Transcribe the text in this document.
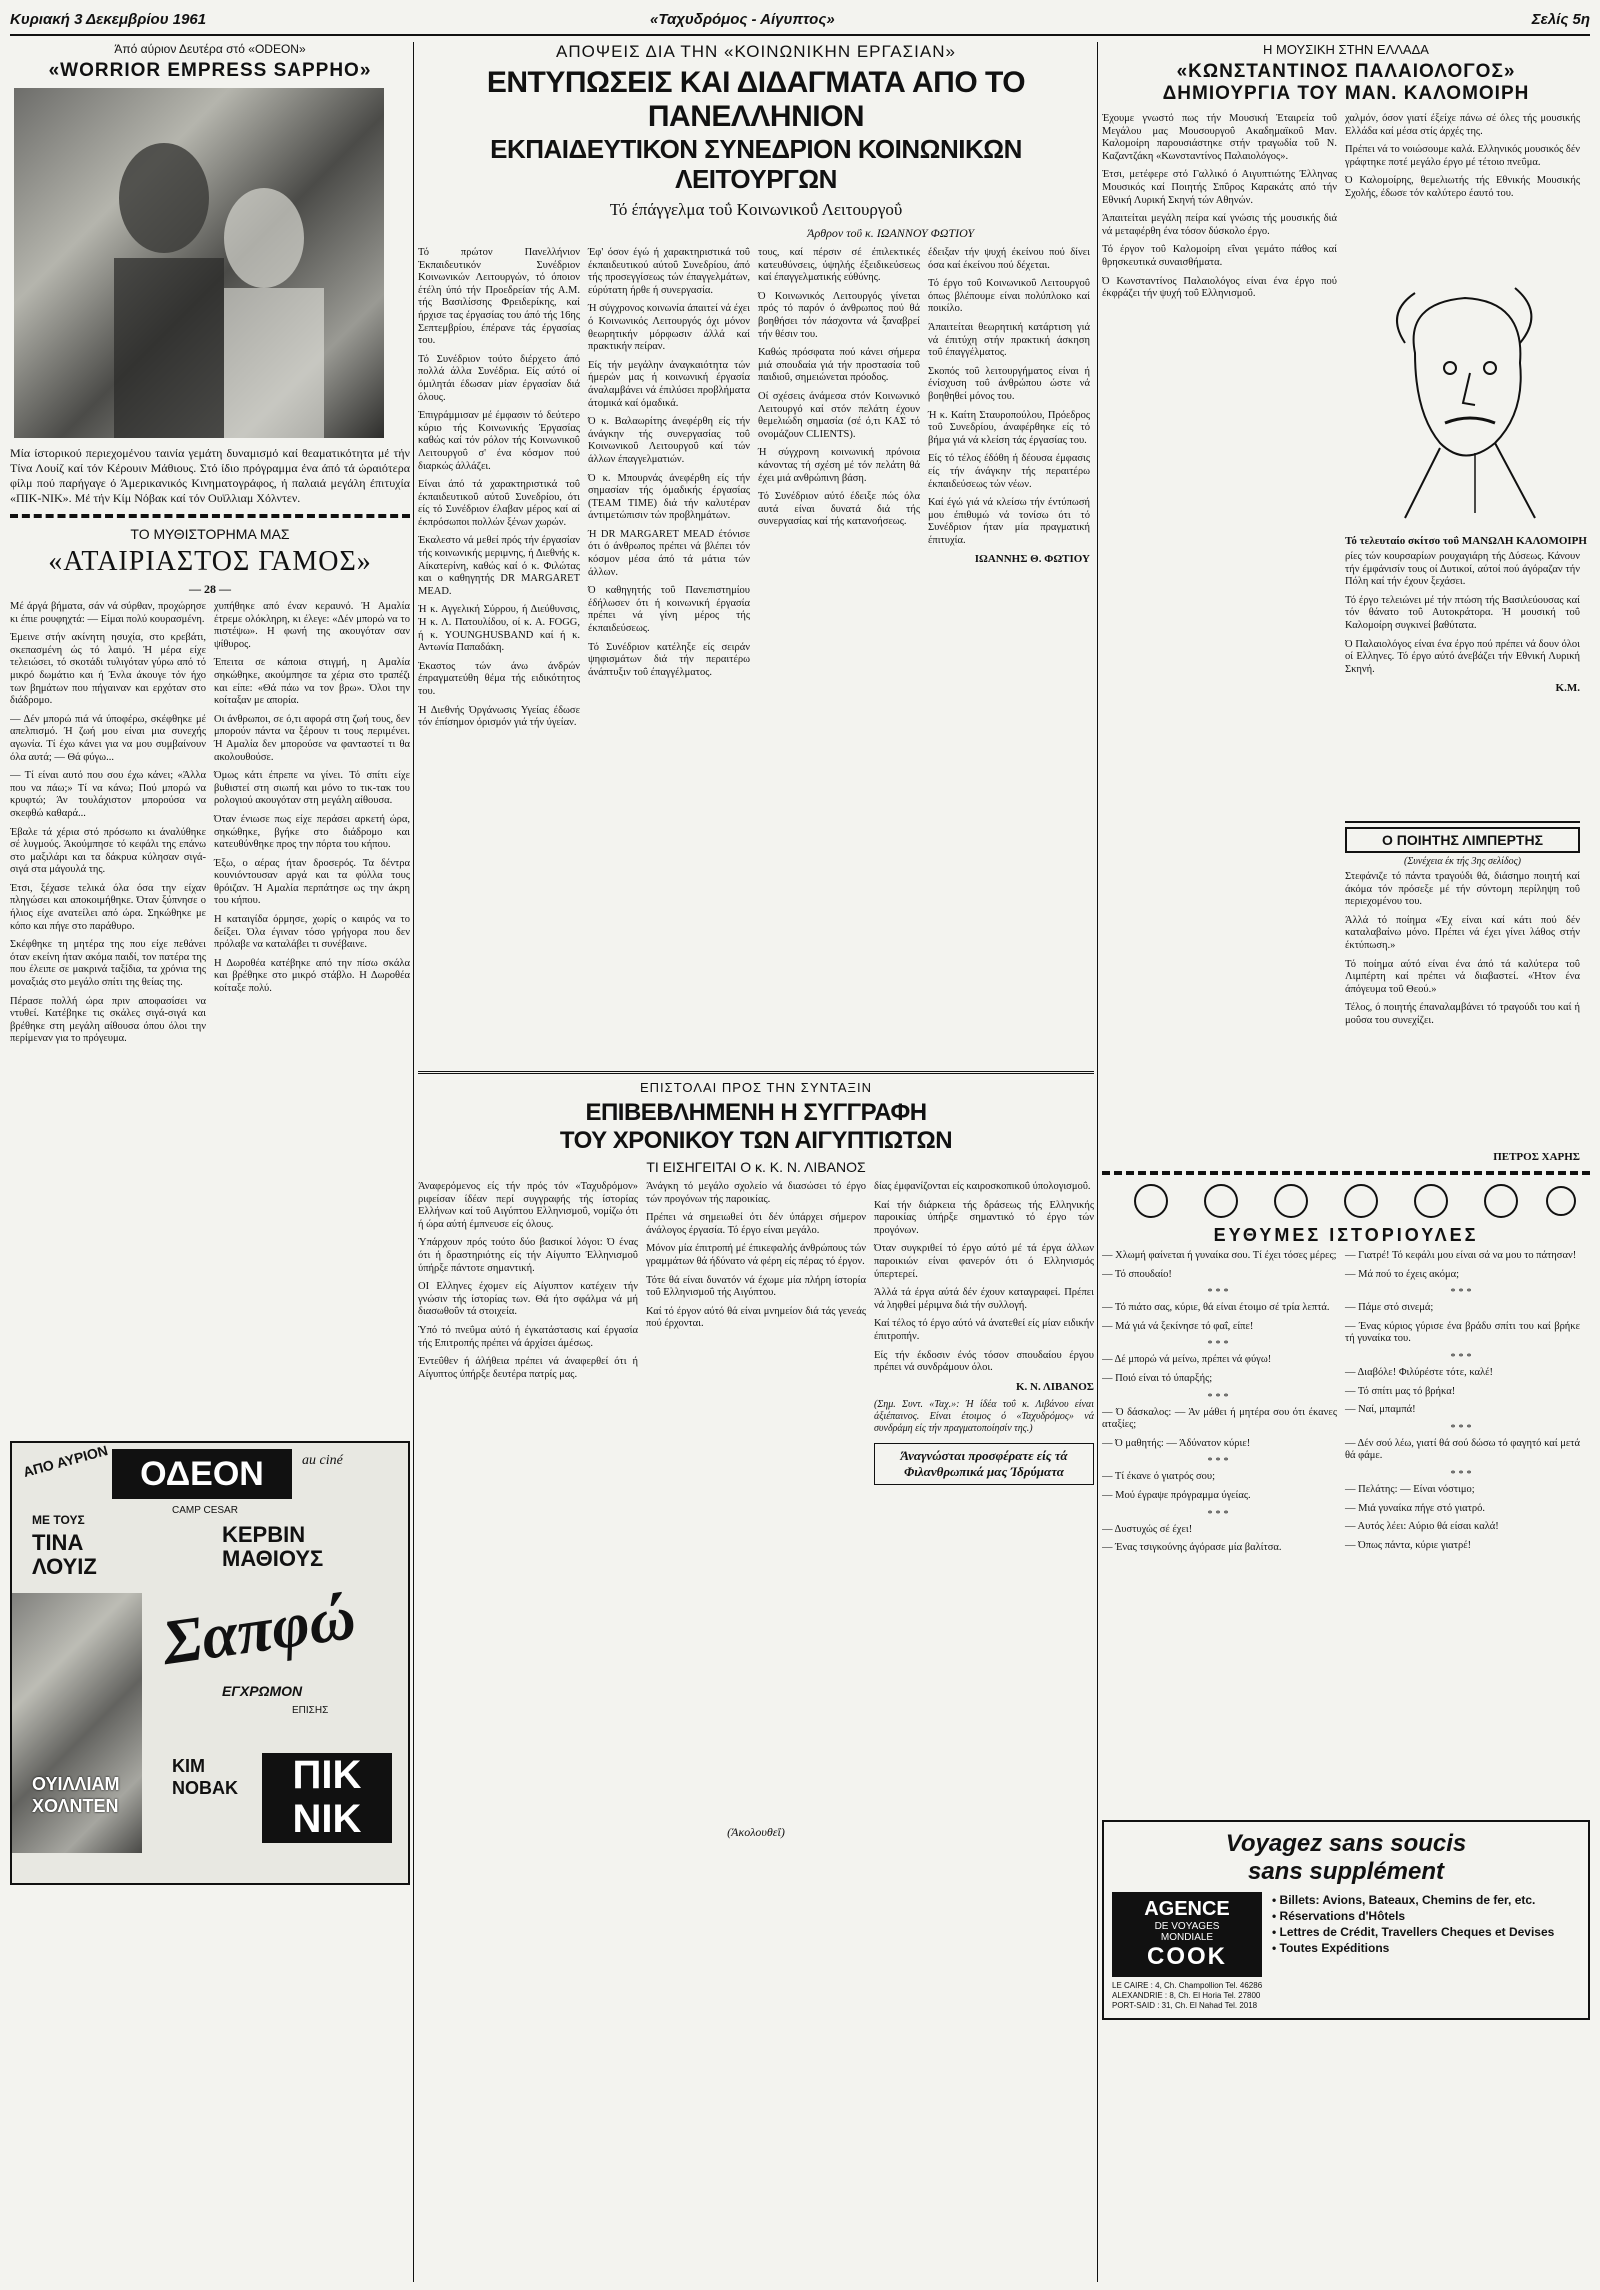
Κυριακή 3 Δεκεμβρίου 1961	«Ταχυδρόμος - Αίγυπτος»	Σελίς 5η
Άπό αύριον Δευτέρα στό «ODEON»
«WORRIOR EMPRESS SAPPHO»

Μία ίστορικού περιεχομένου ταινία γεμάτη δυναμισμό καί θεαματικότητα μέ τήν Τίνα Λουίζ καί τόν Κέρουιν Μάθιους. Στό ίδιο πρόγραμμα ένα άπό τά ώραιότερα φίλμ πού παρήγαγε ό Άμερικανικός Κινηματογράφος, ή παλαιά μεγάλη έπιτυχία «ΠΙΚ-ΝΙΚ». Μέ τήν Κίμ Νόβακ καί τόν Ουϊλλιαμ Χόλντεν.

ΤΟ ΜΥΘΙΣΤΟΡΗΜΑ ΜΑΣ
«ΑΤΑΙΡΙΑΣΤΟΣ ΓΑΜΟΣ»
— 28 —

Μέ άργά βήματα, σάν νά σύρθαν, προχώρησε κι έπιε ρουφηχτά: — Είμαι πολύ κουρασμένη.

Έμεινε στήν ακίνητη ησυχία, στο κρεβάτι, σκεπασμένη ώς τό λαιμό. Ή μέρα είχε τελειώσει, τό σκοτάδι τυλιγόταν γύρω από τό μικρό δωμάτιο και ή Ένλα άκουγε τόν ήχο των βημάτων που πήγαιναν και ερχόταν στο διάδρομο.

— Δέν μπορώ πιά νά ύποφέρω, σκέφθηκε μέ απελπισμό. Ή ζωή μου είναι μια συνεχής αγωνία. Τί έχω κάνει για να μου συμβαίνουν όλα αυτά; — Θά φύγω...

— Τί είναι αυτό που σου έχω κάνει; «Άλλα που να πάω;» Τί να κάνω; Πού μπορώ να κρυφτώ; Άν τουλάχιστον μπορούσα να σκεφθώ καθαρά...

Έβαλε τά χέρια στό πρόσωπο κι άναλύθηκε σέ λυγμούς. Άκούμπησε τό κεφάλι της επάνω στο μαξιλάρι και τα δάκρυα κύλησαν σιγά-σιγά στα μάγουλά της.

Έτσι, ξέχασε τελικά όλα όσα την είχαν πληγώσει και αποκοιμήθηκε. Όταν ξύπνησε ο ήλιος είχε ανατείλει από ώρα. Σηκώθηκε με κόπο και πήγε στο παράθυρο.

Σκέφθηκε τη μητέρα της που είχε πεθάνει όταν εκείνη ήταν ακόμα παιδί, τον πατέρα της που έλειπε σε μακρινά ταξίδια, τα χρόνια της μοναξιάς στο μεγάλο σπίτι της θείας της.

Πέρασε πολλή ώρα πριν αποφασίσει να ντυθεί. Κατέβηκε τις σκάλες σιγά-σιγά και βρέθηκε στη μεγάλη αίθουσα όπου όλοι την περίμεναν για το πρόγευμα.

χυπήθηκε από έναν κεραυνό. Ή Αμαλία έτρεμε ολόκληρη, κι έλεγε: «Δέν μπορώ να το πιστέψω». Η φωνή της ακουγόταν σαν ψίθυρος.

Έπειτα σε κάποια στιγμή, η Αμαλία σηκώθηκε, ακούμπησε τα χέρια στο τραπέζι και είπε: «Θά πάω να τον βρω». Όλοι την κοίταξαν με απορία.

Οι άνθρωποι, σε ό,τι αφορά στη ζωή τους, δεν μπορούν πάντα να ξέρουν τι τους περιμένει. Ή Αμαλία δεν μπορούσε να φανταστεί τι θα ακολουθούσε.

Όμως κάτι έπρεπε να γίνει. Τό σπίτι είχε βυθιστεί στη σιωπή και μόνο το τικ-τακ του ρολογιού ακουγόταν στη μεγάλη αίθουσα.

Όταν ένιωσε πως είχε περάσει αρκετή ώρα, σηκώθηκε, βγήκε στο διάδρομο και κατευθύνθηκε προς την πόρτα του κήπου.

Έξω, ο αέρας ήταν δροσερός. Τα δέντρα κουνιόντουσαν αργά και τα φύλλα τους θρόιζαν. Ή Αμαλία περπάτησε ως την άκρη του κήπου.

Η καταιγίδα όρμησε, χωρίς ο καιρός να το δείξει. Όλα έγιναν τόσο γρήγορα που δεν πρόλαβε να καταλάβει τι συνέβαινε.

Η Δωροθέα κατέβηκε από την πίσω σκάλα και βρέθηκε στο μικρό στάβλο. Η Δωροθέα κοίταξε πολύ.

ΑΠΟ ΑΥΡΙΟΝ ΟΔΕΟΝ	au ciné
CAMP CESAR
ΜΕ ΤΟΥΣ
ΤΙΝΑ ΛΟΥΙΖ
ΚΕΡΒΙΝ ΜΑΘΙΟΥΣ
Σαπφώ
ΕΓΧΡΩΜΟΝ
ΕΠΙΣΗΣ
ΟΥΙΛΛΙΑΜ ΧΟΛΝΤΕΝ
ΚΙΜ ΝΟΒΑΚ	ΠΙΚ ΝΙΚ
ΑΠΟΨΕΙΣ ΔΙΑ ΤΗΝ «ΚΟΙΝΩΝΙΚΗΝ ΕΡΓΑΣΙΑΝ»
ΕΝΤΥΠΩΣΕΙΣ ΚΑΙ ΔΙΔΑΓΜΑΤΑ ΑΠΟ ΤΟ ΠΑΝΕΛΛΗΝΙΟΝ
ΕΚΠΑΙΔΕΥΤΙΚΟΝ ΣΥΝΕΔΡΙΟΝ ΚΟΙΝΩΝΙΚΩΝ ΛΕΙΤΟΥΡΓΩΝ
Τό έπάγγελμα τοΰ Κοινωνικοΰ Λειτουργοΰ
Άρθρον τοΰ κ. ΙΩΑΝΝΟΥ ΦΩΤΙΟΥ

Τό πρώτον Πανελλήνιον Έκπαιδευτικόν Συνέδριον Κοινωνικών Λειτουργών, τό όποιον έτέλη ύπό τήν Προεδρείαν τής Α.Μ. τής Βασιλίσσης Φρειδερίκης, καί ήρχισε τας έργασίας του άπό τής 16ης Σεπτεμβρίου, έπέρανε τάς έργασίας του.

Τό Συνέδριον τούτο διέρχετο άπό πολλά άλλα Συνέδρια. Είς αύτό οί όμιλητάι έδωσαν μίαν έργασίαν διά όλους.

Έπιγράμμισαν μέ έμφασιν τό δεύτερο κύριο τής Κοινωνικής Έργασίας καθώς καί τόν ρόλον τής Κοινωνικοΰ Λειτουργοΰ σ' ένα κόσμον πού διαρκώς άλλάζει.

Είναι άπό τά χαρακτηριστικά τοΰ έκπαιδευτικοΰ αύτοΰ Συνεδρίου, ότι είς τό Συνέδριον έλαβαν μέρος καί αί έκπρόσωποι πολλών ξένων χωρών.

Έκαλεστο νά μεθεί πρός τήν έργασίαν τής κοινωνικής μεριμνης, ή Διεθνής κ. Αίκατερίνη, καθώς καί ό κ. Φιλώτας και ο καθηγητής DR MARGARET MEAD.

Ή κ. Αγγελική Σύρρου, ή Διεύθυνσις, Ή κ. Λ. Πατουλίδου, οί κ. Α. FOGG, ή κ. YOUNGHUSBAND καί ή κ. Αντωνία Παπαδάκη.

Έκαστος τών άνω άνδρών έπραγματεύθη θέμα τής ειδικότητος του.

Ή Διεθνής Όργάνωσις Υγείας έδωσε τόν έπίσημον όρισμόν γιά τήν ύγείαν.

Έφ' όσον έγώ ή χαρακτηριστικά τοΰ έκπαιδευτικού αύτοΰ Συνεδρίου, άπό τής προσεγγίσεως τών έπαγγελμάτων, εύρύτατη ήρθε ή συνεργασία.

Ή σύγχρονος κοινωνία άπαιτεί νά έχει ό Κοινωνικός Λειτουργός όχι μόνον θεωρητικήν μόρφωσιν άλλά καί πρακτικήν πείραν.

Είς τήν μεγάλην άναγκαιότητα τών ήμερών μας ή κοινωνική έργασία άναλαμβάνει νά έπιλύσει προβλήματα άτομικά καί όμαδικά.

Ό κ. Βαλαωρίτης άνεφέρθη είς τήν άνάγκην τής συνεργασίας τοΰ Κοινωνικοΰ Λειτουργοΰ καί τών άλλων έπαγγελματιών.

Ό κ. Μπουρνάς άνεφέρθη είς τήν σημασίαν τής όμαδικής έργασίας (TEAM TIME) διά τήν καλυτέραν άντιμετώπισιν τών προβλημάτων.

Ή DR MARGARET MEAD έτόνισε ότι ό άνθρωπος πρέπει νά βλέπει τόν κόσμον μέσα άπό τά μάτια τών άλλων.

Ό καθηγητής τοΰ Πανεπιστημίου έδήλωσεν ότι ή κοινωνική έργασία πρέπει νά γίνη μέρος τής έκπαιδεύσεως.

Τό Συνέδριον κατέληξε είς σειράν ψηφισμάτων διά τήν περαιτέρω άνάπτυξιν τοΰ έπαγγέλματος.

τους, καί πέρσιν σέ έπιλεκτικές κατευθύνσεις, ύψηλής έξειδικεύσεως καί έπαγγελματικής εύθύνης.

Ό Κοινωνικός Λειτουργός γίνεται πρός τό παρόν ό άνθρωπος πού θά βοηθήσει τόν πάσχοντα νά ξαναβρεί τήν θέσιν του.

Καθώς πρόσφατα πού κάνει σήμερα μιά σπουδαία γιά τήν προστασία τοΰ παιδιοΰ, σημειώνεται πρόοδος.

Οί σχέσεις άνάμεσα στόν Κοινωνικό Λειτουργό καί στόν πελάτη έχουν θεμελιώδη σημασία (σέ ό,τι ΚΑΣ τό ονομάζουν CLIENTS).

Ή σύγχρονη κοινωνική πρόνοια κάνοντας τή σχέση μέ τόν πελάτη θά έχει μιά ανθρώπινη βάση.

Τό Συνέδριον αύτό έδειξε πώς όλα αυτά είναι δυνατά διά τής συνεργασίας καί τής κατανοήσεως.

έδειξαν τήν ψυχή έκείνου πού δίνει όσα καί έκείνου πού δέχεται.

Τό έργο τοΰ Κοινωνικοΰ Λειτουργοΰ όπως βλέπουμε είναι πολύπλοκο καί ποικίλο.

Άπαιτείται θεωρητική κατάρτιση γιά νά έπιτύχη στήν πρακτική άσκηση τοΰ έπαγγέλματος.

Σκοπός τοΰ λειτουργήματος είναι ή ένίσχυση τοΰ άνθρώπου ώστε νά βοηθηθεί μόνος του.

Ή κ. Καίτη Σταυροπούλου, Πρόεδρος τοΰ Συνεδρίου, άναφέρθηκε είς τό βήμα γιά νά κλείση τάς έργασίας του.

Είς τό τέλος έδόθη ή δέουσα έμφασις είς τήν άνάγκην τής περαιτέρω έκπαιδεύσεως τών νέων.

Καί έγώ γιά νά κλείσω τήν έντύπωσή μου έπιθυμώ νά τονίσω ότι τό Συνέδριον ήταν μία πραγματική έπιτυχία.

ΙΩΑΝΝΗΣ Θ. ΦΩΤΙΟΥ
ΕΠΙΣΤΟΛΑΙ ΠΡΟΣ ΤΗΝ ΣΥΝΤΑΞΙΝ
ΕΠΙΒΕΒΛΗΜΕΝΗ Η ΣΥΓΓΡΑΦΗ
ΤΟΥ ΧΡΟΝΙΚΟΥ ΤΩΝ ΑΙΓΥΠΤΙΩΤΩΝ
ΤΙ ΕΙΣΗΓΕΙΤΑΙ Ο κ. Κ. Ν. ΛΙΒΑΝΟΣ

Άναφερόμενος είς τήν πρός τόν «Ταχυδρόμον» ριφείσαν ίδέαν περί συγγραφής τής ίστορίας Ελλήνων καί τοΰ Αιγύπτου Ελληνισμοΰ, νομίζω ότι ή ώρα αύτή έμπνευσε είς όλους.

Ύπάρχουν πρός τούτο δύο βασικοί λόγοι: Ό ένας ότι ή δραστηριότης είς τήν Αίγυπτο Έλληνισμοΰ ύπήρξε πάντοτε σημαντική.

ΟΙ Ελληνες έχομεν είς Αίγυπτον κατέχειν τήν γνώσιν τής ίστορίας των. Θά ήτο σφάλμα νά μή διασωθοΰν τά στοιχεία.

Ύπό τό πνεΰμα αύτό ή έγκατάστασις καί έργασία τής Επιτροπής πρέπει νά άρχίσει άμέσως.

Έντεΰθεν ή άλήθεια πρέπει νά άναφερθεί ότι ή Αίγυπτος ύπήρξε δευτέρα πατρίς μας.

Άνάγκη τό μεγάλο σχολείο νά διασώσει τό έργο τών προγόνων τής παροικίας.

Πρέπει νά σημειωθεί ότι δέν ύπάρχει σήμερον άνάλογος έργασία. Τό έργο είναι μεγάλο.

Μόνον μία έπιτροπή μέ έπικεφαλής άνθρώπους τών γραμμάτων θά ήδύνατο νά φέρη είς πέρας τό έργον.

Τότε θά είναι δυνατόν νά έχωμε μία πλήρη ίστορία τοΰ Ελληνισμοΰ τής Αιγύπτου.

Καί τό έργον αύτό θά είναι μνημείον διά τάς γενεάς πού έρχονται.

δίας έμφανίζονται είς καιροσκοπικοΰ ύπολογισμοΰ.

Καί τήν διάρκεια τής δράσεως τής Ελληνικής παροικίας ύπήρξε σημαντικό τό έργο τών προγόνων.

Όταν συγκριθεί τό έργο αύτό μέ τά έργα άλλων παροικιών είναι φανερόν ότι ό Ελληνισμός ύπερτερεί.

Άλλά τά έργα αύτά δέν έχουν καταγραφεί. Πρέπει νά ληφθεί μέριμνα διά τήν συλλογή.

Καί τέλος τό έργο αύτό νά άνατεθεί είς μίαν ειδικήν έπιτροπήν.

Είς τήν έκδοσιν ένός τόσον σπουδαίου έργου πρέπει νά συνδράμουν όλοι.

Κ. Ν. ΛΙΒΑΝΟΣ

(Σημ. Συντ. «Ταχ.»: Ή ίδέα τοΰ κ. Λιβάνου είναι άξιέπαινος. Είναι έτοιμος ό «Ταχυδρόμος» νά συνδράμη είς τήν πραγματοποίησίν της.)

Άναγνώσται προσφέρατε είς τά Φιλανθρωπικά μας Ίδρύματα
(Άκολουθεΐ)
Η ΜΟΥΣΙΚΗ ΣΤΗΝ ΕΛΛΑΔΑ
«ΚΩΝΣΤΑΝΤΙΝΟΣ ΠΑΛΑΙΟΛΟΓΟΣ»
ΔΗΜΙΟΥΡΓΙΑ ΤΟΥ ΜΑΝ. ΚΑΛΟΜΟΙΡΗ

Έχουμε γνωστό πως τήν Μουσική Έταιρεία τοΰ Μεγάλου μας Μουσουργοΰ Ακαδημαϊκοΰ Μαν. Καλομοίρη παρουσιάστηκε στήν τραγωδία τοΰ Ν. Καζαντζάκη «Κωνσταντίνος Παλαιολόγος».

Έτσι, μετέφερε στό Γαλλικό ό Αιγυπτιώτης Έλληνας Μουσικός καί Ποιητής Σπΰρος Καρακάτς από τήν Εθνική Λυρική Σκηνή τών Αθηνών.

Άπαιτείται μεγάλη πείρα καί γνώσις τής μουσικής διά νά μεταφέρθη ένα τόσον δύσκολο έργο.

Τό έργον τοΰ Καλομοίρη εΐναι γεμάτο πάθος καί θρησκευτικά συναισθήματα.

Ό Κωνσταντίνος Παλαιολόγος είναι ένα έργο πού έκφράζει τήν ψυχή τοΰ Ελληνισμοΰ.

χαλμόν, όσον γιατί έξείχε πάνω σέ όλες τής μουσικής Ελλάδα καί μέσα στίς άρχές της.

Πρέπει νά το νοιώσουμε καλά. Ελληνικός μουσικός δέν γράφτηκε ποτέ μεγάλο έργο μέ τέτοιο πνεΰμα.

Ό Καλομοίρης, θεμελιωτής τής Εθνικής Μουσικής Σχολής, έδωσε τόν καλύτερο έαυτό του.

Τό τελευταίο σκίτσο τοΰ ΜΑΝΩΛΗ ΚΑΛΟΜΟΙΡΗ

ρίες τών κουρσαρίων ρουχαγιάρη τής Δύσεως. Κάνουν τήν έμφάνισίν τους οί Δυτικοί, αύτοί πού άγόραζαν τήν Πόλη καί τήν έχουν ξεχάσει.

Τό έργο τελειώνει μέ τήν πτώση τής Βασιλεύουσας καί τόν θάνατο τοΰ Αυτοκράτορα. Ή μουσική τοΰ Καλομοίρη συγκινεί βαθύτατα.

Ό Παλαιολόγος είναι ένα έργο πού πρέπει νά δουν όλοι οί Ελληνες. Τό έργο αύτό άνεβάζει τήν Εθνική Λυρική Σκηνή.

Κ.Μ.
Ο ΠΟΙΗΤΗΣ ΛΙΜΠΕΡΤΗΣ
(Συνέχεια έκ τής 3ης σελίδος)

Στεφάνιζε τό πάντα τραγούδι θά, διάσημο ποιητή καί άκόμα τόν πρόσεξε μέ τήν σύντομη περίληψη τοΰ περιεχομένου του.

Άλλά τό ποίημα «Έχ είναι καί κάτι πού δέν καταλαβαίνω μόνο. Πρέπει νά έχει γίνει λάθος στήν έκτύπωση.»

Τό ποίημα αύτό είναι ένα άπό τά καλύτερα τοΰ Λιμπέρτη καί πρέπει νά διαβαστεί. «Ήτον ένα άπόγευμα τοΰ Θεού.»

Τέλος, ό ποιητής έπαναλαμβάνει τό τραγούδι του καί ή μοΰσα του συνεχίζει.

ΠΕΤΡΟΣ ΧΑΡΗΣ
ΕΥΘΥΜΕΣ ΙΣΤΟΡΙΟΥΛΕΣ

— Χλωμή φαίνεται ή γυναίκα σου. Τί έχει τόσες μέρες;

— Τό σπουδαίο!

***

— Τό πιάτο σας, κύριε, θά είναι έτοιμο σέ τρία λεπτά.

— Μά γιά νά ξεκίνησε τό φαΐ, είπε!

***

— Δέ μπορώ νά μείνω, πρέπει νά φύγω!

— Ποιό είναι τό ύπαρξής;

***

— Ό δάσκαλος: — Άν μάθει ή μητέρα σου ότι έκανες αταξίες;

— Ό μαθητής: — Άδύνατον κύριε!

***

— Τί έκανε ό γιατρός σου;

— Μού έγραψε πρόγραμμα ύγείας.

***

— Δυστυχώς σέ έχει!

— Ένας τσιγκούνης άγόρασε μία βαλίτσα.

— Γιατρέ! Τό κεφάλι μου είναι σά να μου το πάτησαν!

— Μά πού το έχεις ακόμα;

***

— Πάμε στό σινεμά;

— Ένας κύριος γύρισε ένα βράδυ σπίτι του καί βρήκε τή γυναίκα του.

***

— Διαβόλε! Φιλύρέστε τότε, καλέ!

— Τό σπίτι μας τό βρήκα!

— Ναί, μπαμπά!

***

— Δέν σού λέω, γιατί θά σού δώσω τό φαγητό καί μετά θά φάμε.

***

— Πελάτης: — Είναι νόστιμο;

— Μιά γυναίκα πήγε στό γιατρό.

— Αυτός λέει: Αύριο θά είσαι καλά!

— Όπως πάντα, κύριε γιατρέ!

Voyagez sans soucis
sans supplément
AGENCE
DE VOYAGES
MONDIALE
COOK
• Billets: Avions, Bateaux, Chemins de fer, etc.
• Réservations d'Hôtels
• Lettres de Crédit, Travellers Cheques et Devises
• Toutes Expéditions
LE CAIRE : 4, Ch. Champollion Tel. 46286
ALEXANDRIE : 8, Ch. El Horia Tel. 27800
PORT-SAID : 31, Ch. El Nahad Tel. 2018
